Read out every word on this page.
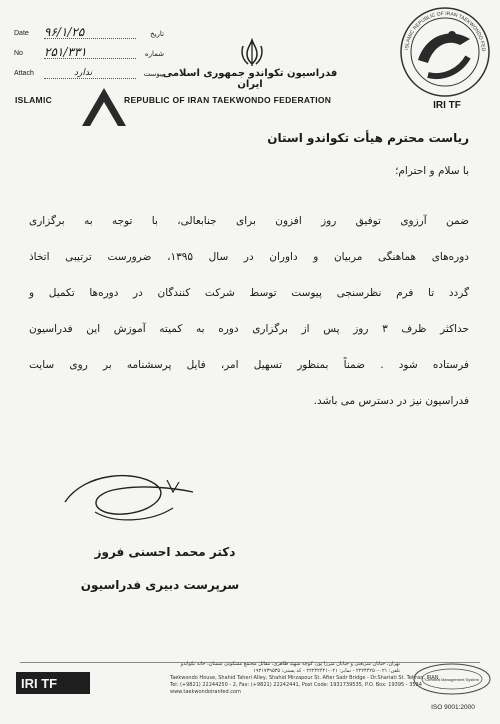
Date ۹۶/۱/۲۵	تاریخ
No ۲۵۱/۳۳۱	شماره
Attach	ندارد	پیوست
فدراسیون تکواندو جمهوری اسلامی ایران
ISLAMIC	REPUBLIC OF IRAN TAEKWONDO FEDERATION
ISLAMIC REPUBLIC OF IRAN TAEKWONDO FED
IRI TF
ریاست محترم هیأت تکواندو استان
با سلام و احترام؛
ضمن آرزوی توفیق روز افزون برای جنابعالی، با توجه به برگزاری
دوره‌های هماهنگی مربیان و داوران در سال ۱۳۹۵، ضرورست ترتیبی اتخاذ
گردد تا فرم نظرسنجی پیوست توسط شرکت کنندگان در دوره‌ها تکمیل و
حداکثر ظرف ۳ روز پس از برگزاری دوره به کمیته آموزش این فدراسیون
فرستاده شود . ضمناً بمنظور تسهیل امر، فایل پرسشنامه بر روی سایت
فدراسیون نیز در دسترس می باشد.
دکتر محمد احسنی فروز
سرپرست دبیری فدراسیون
IRI TF
تهران، خیابان شریعتی و خیابان میرزا پور، کوچه شهید طاهری، مقابل مجتمع مسکونی سمنان، خانه تکواندو
تلفن: ۰۲۱-۲۲۲۴۴۲۵۰ - نمابر: ۰۲۱-۲۲۲۴۲۴۴۱ - کد پستی: ۱۹۳۱۷۳۹۵۳۵
Taekwondo House, Shahid Taheri Alley, Shahid Mirzapour St. After Sadr Bridge - Dr.Shariati St. Tehran, IRAN
Tel: (+9821) 22244250 - 2, Fax: (+9821) 22242441, Post Code: 1931739535, P.O. Box: 19395 - 3534
www.taekwondoiranfed.com
Certified Management System
ISO 9001:2000
